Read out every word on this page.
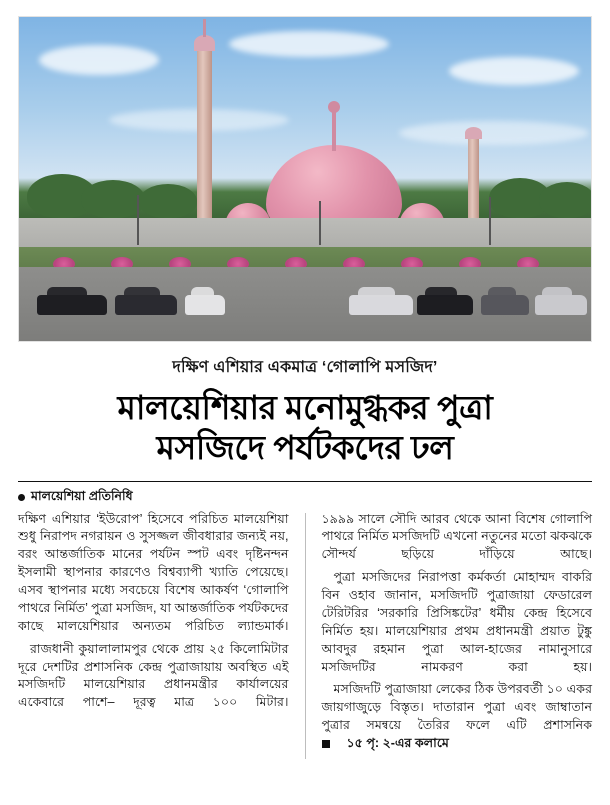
দক্ষিণ এশিয়ার একমাত্র ‘গোলাপি মসজিদ’
মালয়েশিয়ার মনোমুগ্ধকর পুত্রা
মসজিদে পর্যটকদের ঢল
মালয়েশিয়া প্রতিনিধি

দক্ষিণ এশিয়ার ‘ইউরোপ’ হিসেবে পরিচিত মালয়েশিয়া শুধু নিরাপদ নগরায়ন ও সুসজ্জল জীবধারার জন্যই নয়, বরং আন্তর্জাতিক মানের পর্যটন স্পট এবং দৃষ্টিনন্দন ইসলামী স্থাপনার কারণেও বিশ্বব্যাপী খ্যাতি পেয়েছে। এসব স্থাপনার মধ্যে সবচেয়ে বিশেষ আকর্ষণ ‘গোলাপি পাথরে নির্মিত’ পুত্রা মসজিদ, যা আন্তর্জাতিক পর্যটকদের কাছে মালয়েশিয়ার অন্যতম পরিচিত ল্যান্ডমার্ক।

রাজধানী কুয়ালালামপুর থেকে প্রায় ২৫ কিলোমিটার দূরে দেশটির প্রশাসনিক কেন্দ্র পুত্রাজায়ায় অবস্থিত এই মসজিদটি মালয়েশিয়ার প্রধানমন্ত্রীর কার্যালয়ের একেবারে পাশে– দূরত্ব মাত্র ১০০ মিটার।

১৯৯৯ সালে সৌদি আরব থেকে আনা বিশেষ গোলাপি পাথরে নির্মিত মসজিদটি এখনো নতুনের মতো ঝকঝকে সৌন্দর্য ছড়িয়ে দাঁড়িয়ে আছে।

পুত্রা মসজিদের নিরাপত্তা কর্মকর্তা মোহাম্মদ বাকরি বিন ওহাব জানান, মসজিদটি পুত্রাজায়া ফেডারেল টেরিটরির ‘সরকারি প্রিসিঙ্কটের’ ধর্মীয় কেন্দ্র হিসেবে নির্মিত হয়। মালয়েশিয়ার প্রথম প্রধানমন্ত্রী প্রয়াত টুঙ্কু আবদুর রহমান পুত্রা আল-হাজের নামানুসারে মসজিদটির নামকরণ করা হয়।

মসজিদটি পুত্রাজায়া লেকের ঠিক উপরবর্তী ১০ একর জায়গাজুড়ে বিস্তৃত। দাতারান পুত্রা এবং জাম্বাতান পুত্রার সমন্বয়ে তৈরির ফলে এটি প্রশাসনিক
১৫ পৃ: ২-এর কলামে
